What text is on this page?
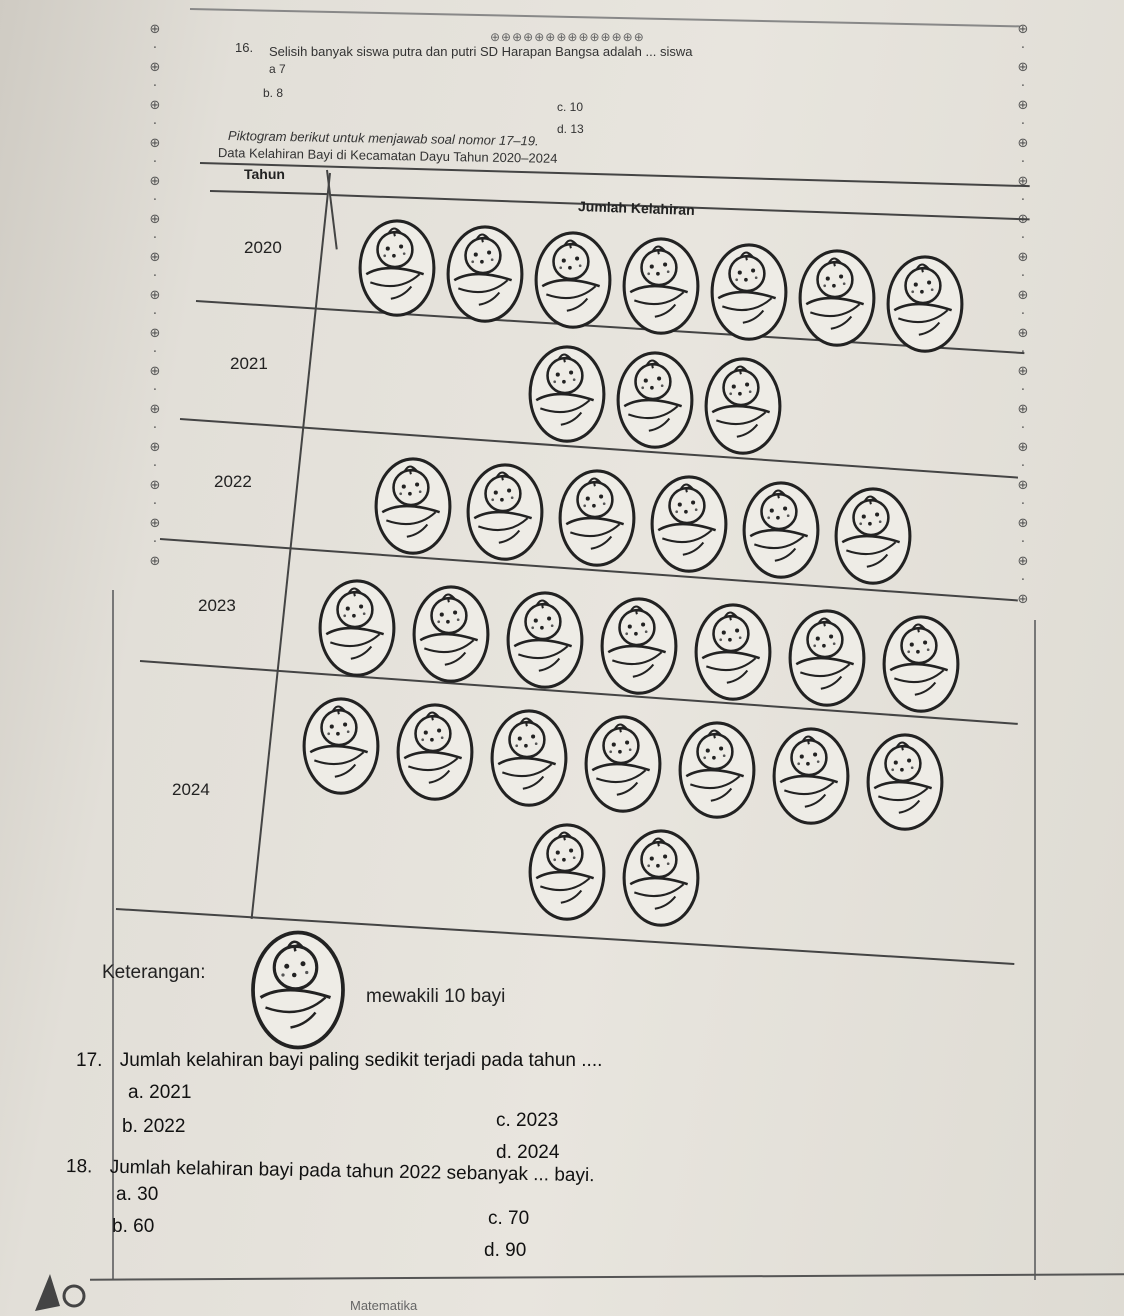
⊕⊕⊕⊕⊕⊕⊕⊕⊕⊕⊕⊕⊕⊕
⊕
·
⊕
·
⊕
·
⊕
·
⊕
·
⊕
·
⊕
·
⊕
·
⊕
·
⊕
·
⊕
·
⊕
·
⊕
·
⊕
·
⊕
⊕
·
⊕
·
⊕
·
⊕
·
⊕
·

·
⊕
·
⊕
·
⊕

⊕
·
⊕
·
⊕
·
⊕
·
⊕
·
⊕
·
⊕
16. Selisih banyak siswa putra dan putri SD Harapan Bangsa adalah ... siswa
a 7
b. 8
c. 10
d. 13
Piktogram berikut untuk menjawab soal nomor 17–19.
Data Kelahiran Bayi di Kecamatan Dayu Tahun 2020–2024
Tahun
Jumlah Kelahiran
2020
2021
2022
2023
2024
Keterangan:
mewakili 10 bayi
17. Jumlah kelahiran bayi paling sedikit terjadi pada tahun ....
a. 2021
b. 2022	c. 2023
d. 2024
18. Jumlah kelahiran bayi pada tahun 2022 sebanyak ... bayi.
a. 30
b. 60	c. 70
d. 90
Matematika
